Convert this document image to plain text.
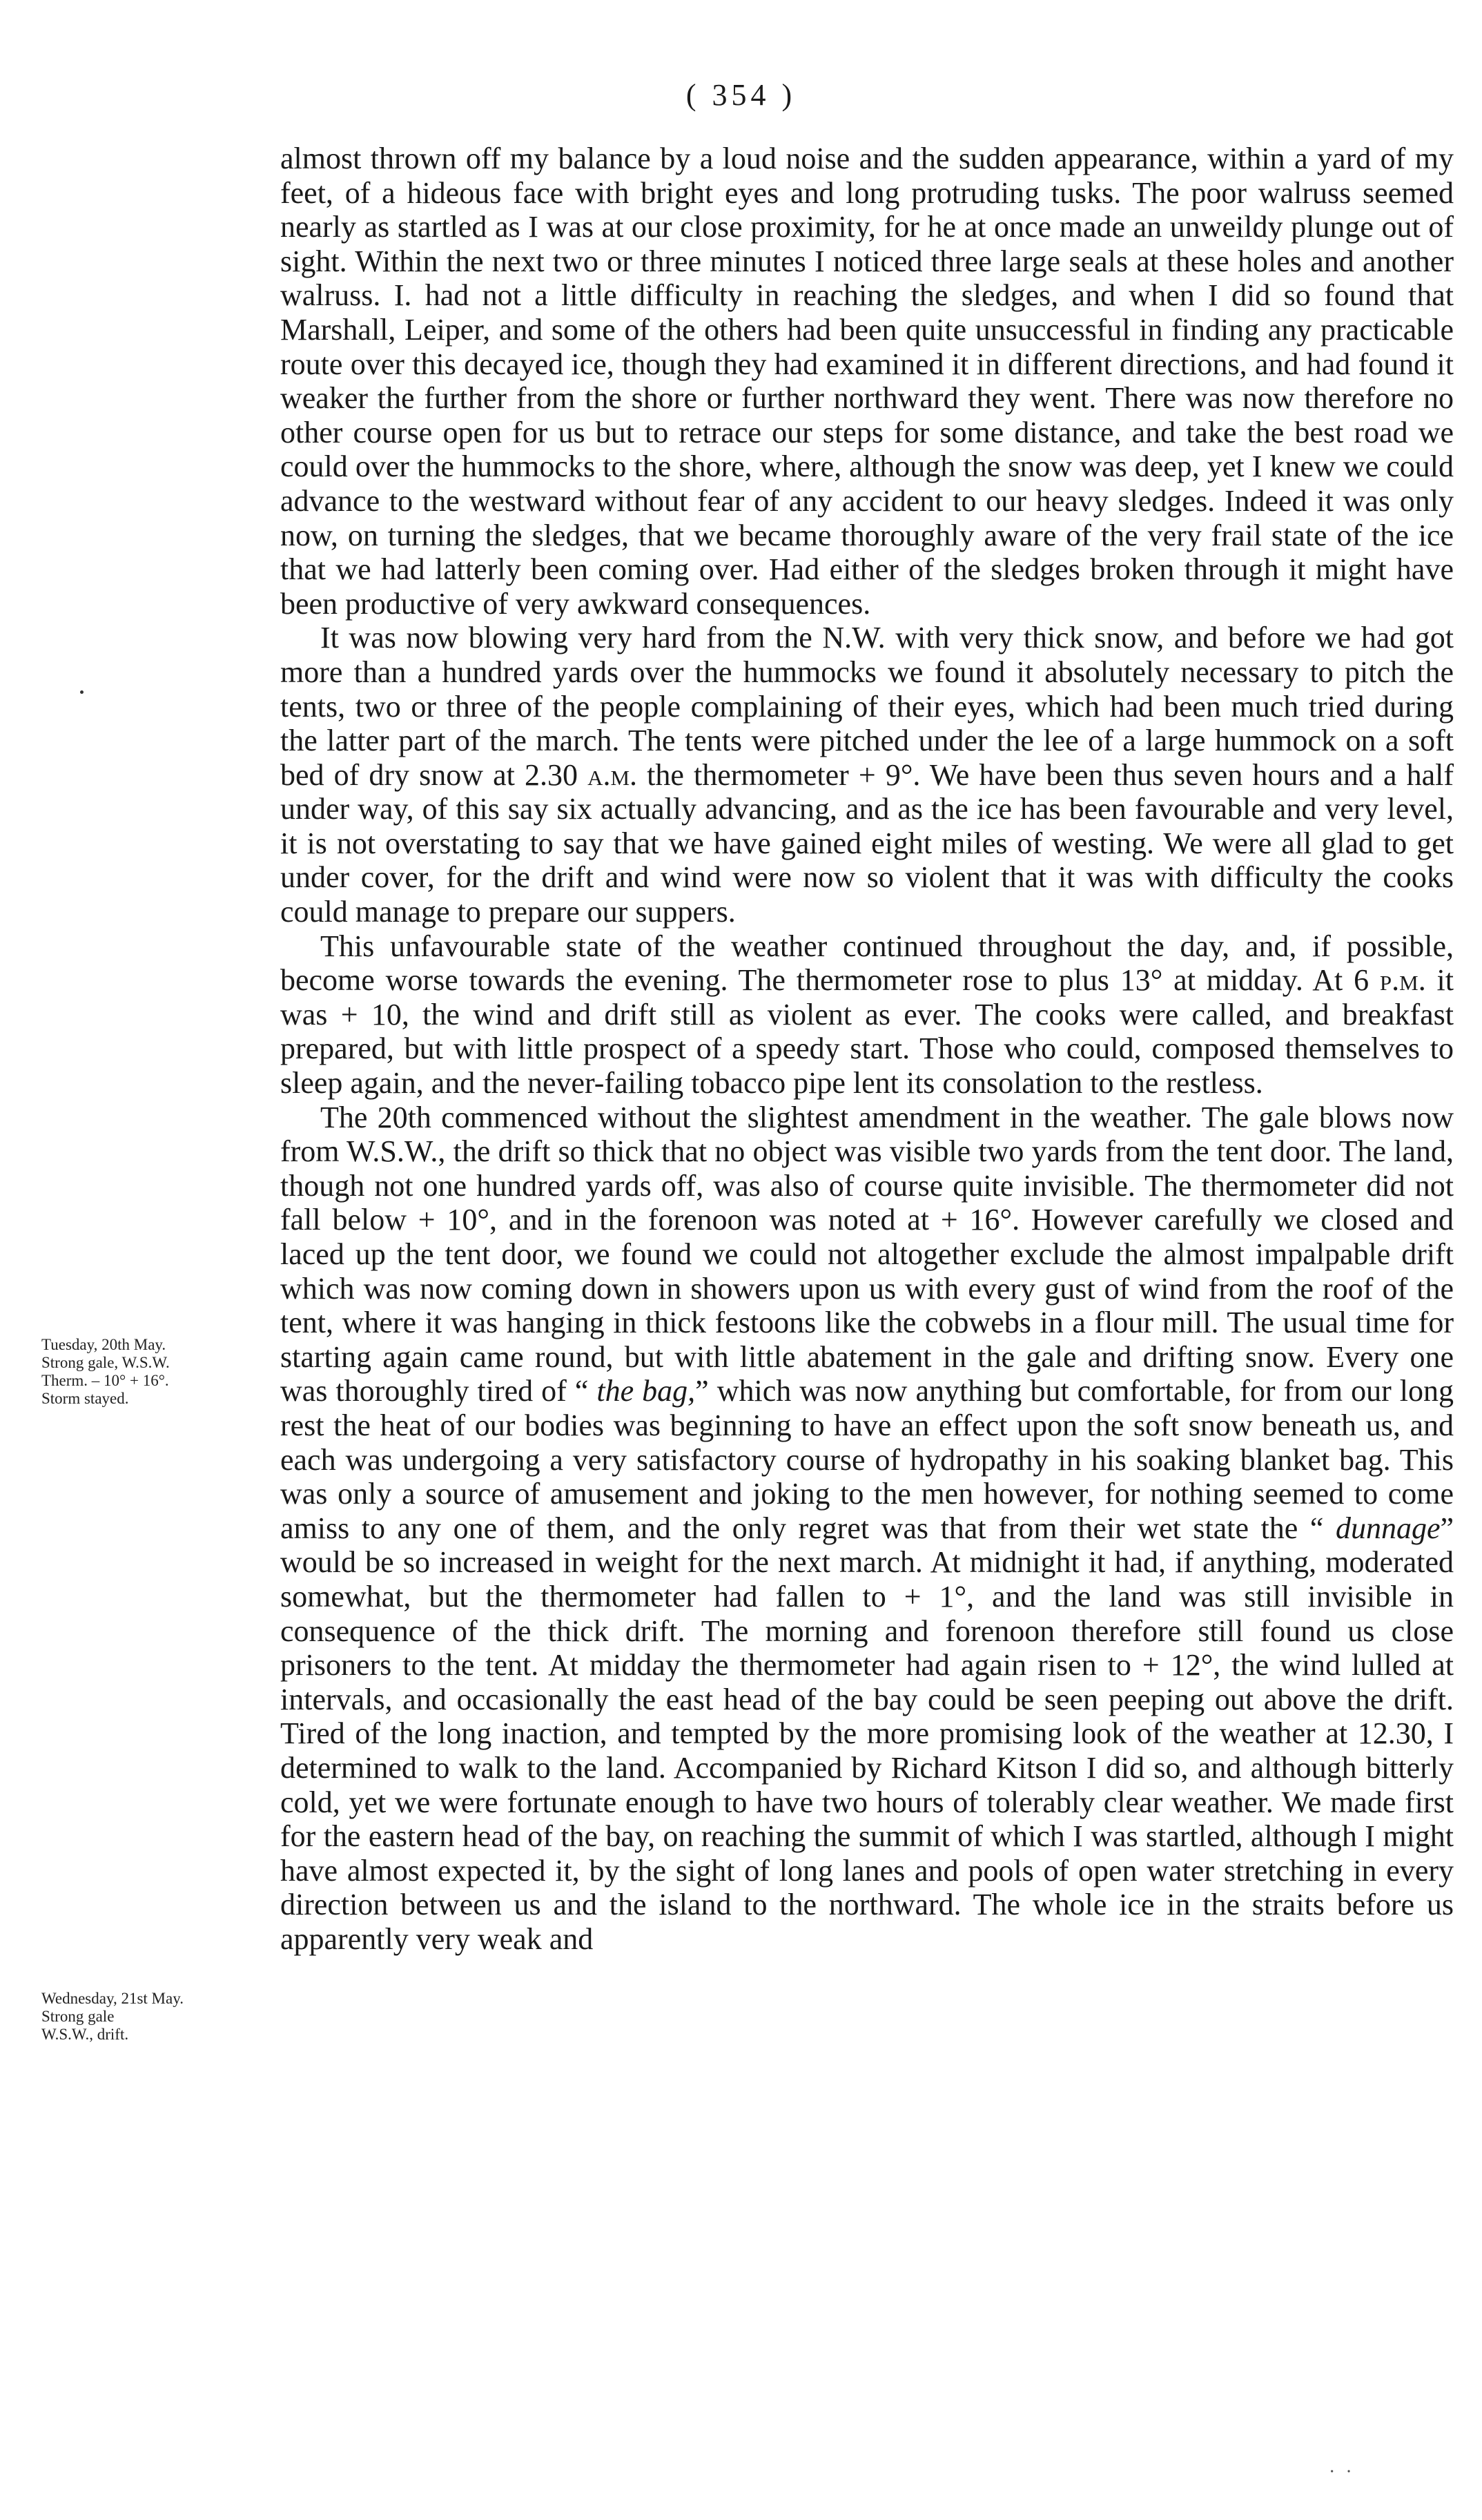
( 354 )

almost thrown off my balance by a loud noise and the sudden appearance, within a yard of my feet, of a hideous face with bright eyes and long protruding tusks. The poor walruss seemed nearly as startled as I was at our close proximity, for he at once made an unweildy plunge out of sight. Within the next two or three minutes I noticed three large seals at these holes and another walruss. I. had not a little difficulty in reaching the sledges, and when I did so found that Marshall, Leiper, and some of the others had been quite unsuccessful in finding any practicable route over this decayed ice, though they had examined it in different directions, and had found it weaker the further from the shore or further northward they went. There was now therefore no other course open for us but to retrace our steps for some distance, and take the best road we could over the hummocks to the shore, where, although the snow was deep, yet I knew we could advance to the westward without fear of any accident to our heavy sledges. Indeed it was only now, on turning the sledges, that we became thoroughly aware of the very frail state of the ice that we had latterly been coming over. Had either of the sledges broken through it might have been productive of very awkward consequences.

It was now blowing very hard from the N.W. with very thick snow, and before we had got more than a hundred yards over the hummocks we found it absolutely necessary to pitch the tents, two or three of the people complaining of their eyes, which had been much tried during the latter part of the march. The tents were pitched under the lee of a large hummock on a soft bed of dry snow at 2.30 a.m. the thermometer + 9°. We have been thus seven hours and a half under way, of this say six actually advancing, and as the ice has been favourable and very level, it is not overstating to say that we have gained eight miles of westing. We were all glad to get under cover, for the drift and wind were now so violent that it was with difficulty the cooks could manage to prepare our suppers.

This unfavourable state of the weather continued throughout the day, and, if possible, become worse towards the evening. The thermometer rose to plus 13° at midday. At 6 p.m. it was + 10, the wind and drift still as violent as ever. The cooks were called, and breakfast prepared, but with little prospect of a speedy start. Those who could, composed themselves to sleep again, and the never-failing tobacco pipe lent its consolation to the restless.

The 20th commenced without the slightest amendment in the weather. The gale blows now from W.S.W., the drift so thick that no object was visible two yards from the tent door. The land, though not one hundred yards off, was also of course quite invisible. The thermometer did not fall below + 10°, and in the forenoon was noted at + 16°. However carefully we closed and laced up the tent door, we found we could not altogether exclude the almost impalpable drift which was now coming down in showers upon us with every gust of wind from the roof of the tent, where it was hanging in thick festoons like the cobwebs in a flour mill. The usual time for starting again came round, but with little abatement in the gale and drifting snow. Every one was thoroughly tired of “ the bag,” which was now anything but comfortable, for from our long rest the heat of our bodies was beginning to have an effect upon the soft snow beneath us, and each was undergoing a very satisfactory course of hydropathy in his soaking blanket bag. This was only a source of amusement and joking to the men however, for nothing seemed to come amiss to any one of them, and the only regret was that from their wet state the “ dunnage” would be so increased in weight for the next march. At midnight it had, if anything, moderated somewhat, but the thermometer had fallen to + 1°, and the land was still invisible in consequence of the thick drift. The morning and forenoon therefore still found us close prisoners to the tent. At midday the thermometer had again risen to + 12°, the wind lulled at intervals, and occasionally the east head of the bay could be seen peeping out above the drift. Tired of the long inaction, and tempted by the more promising look of the weather at 12.30, I determined to walk to the land. Accompanied by Richard Kitson I did so, and although bitterly cold, yet we were fortunate enough to have two hours of tolerably clear weather. We made first for the eastern head of the bay, on reaching the summit of which I was startled, although I might have almost expected it, by the sight of long lanes and pools of open water stretching in every direction between us and the island to the northward. The whole ice in the straits before us apparently very weak and

Tuesday, 20th May.
Strong gale, W.S.W.
Therm. – 10° + 16°.
Storm stayed.
Wednesday, 21st May.
Strong gale
W.S.W., drift.
· ·
